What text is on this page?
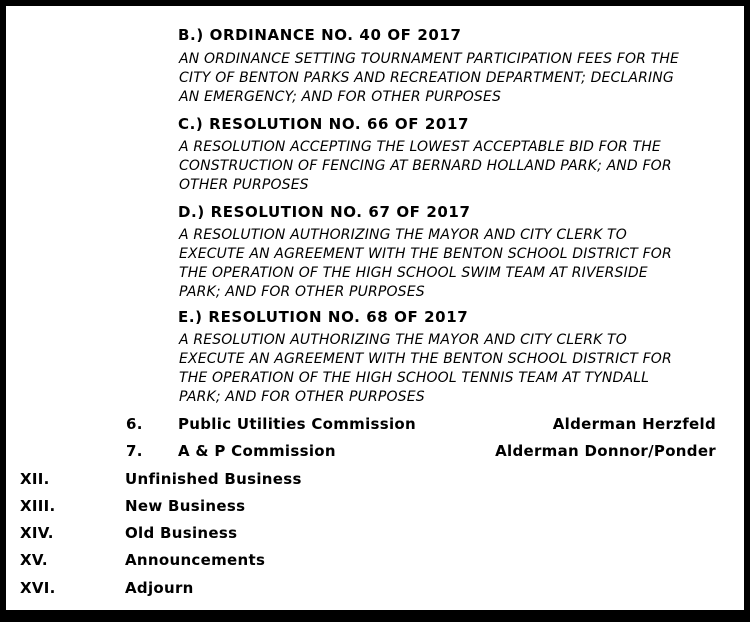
B.) ORDINANCE NO. 40 OF 2017
AN ORDINANCE SETTING TOURNAMENT PARTICIPATION FEES FOR THE
CITY OF BENTON PARKS AND RECREATION DEPARTMENT; DECLARING
AN EMERGENCY; AND FOR OTHER PURPOSES
C.) RESOLUTION NO. 66 OF 2017
A RESOLUTION ACCEPTING THE LOWEST ACCEPTABLE BID FOR THE
CONSTRUCTION OF FENCING AT BERNARD HOLLAND PARK; AND FOR
OTHER PURPOSES
D.) RESOLUTION NO. 67 OF 2017
A RESOLUTION AUTHORIZING THE MAYOR AND CITY CLERK TO
EXECUTE AN AGREEMENT WITH THE BENTON SCHOOL DISTRICT FOR
THE OPERATION OF THE HIGH SCHOOL SWIM TEAM AT RIVERSIDE
PARK; AND FOR OTHER PURPOSES
E.) RESOLUTION NO. 68 OF 2017
A RESOLUTION AUTHORIZING THE MAYOR AND CITY CLERK TO
EXECUTE AN AGREEMENT WITH THE BENTON SCHOOL DISTRICT FOR
THE OPERATION OF THE HIGH SCHOOL TENNIS TEAM AT TYNDALL
PARK; AND FOR OTHER PURPOSES
6. Public Utilities Commission	Alderman Herzfeld
7. A & P Commission	Alderman Donnor/Ponder
XII.	Unfinished Business
XIII.	New Business
XIV.	Old Business
XV.	Announcements
XVI.	Adjourn
